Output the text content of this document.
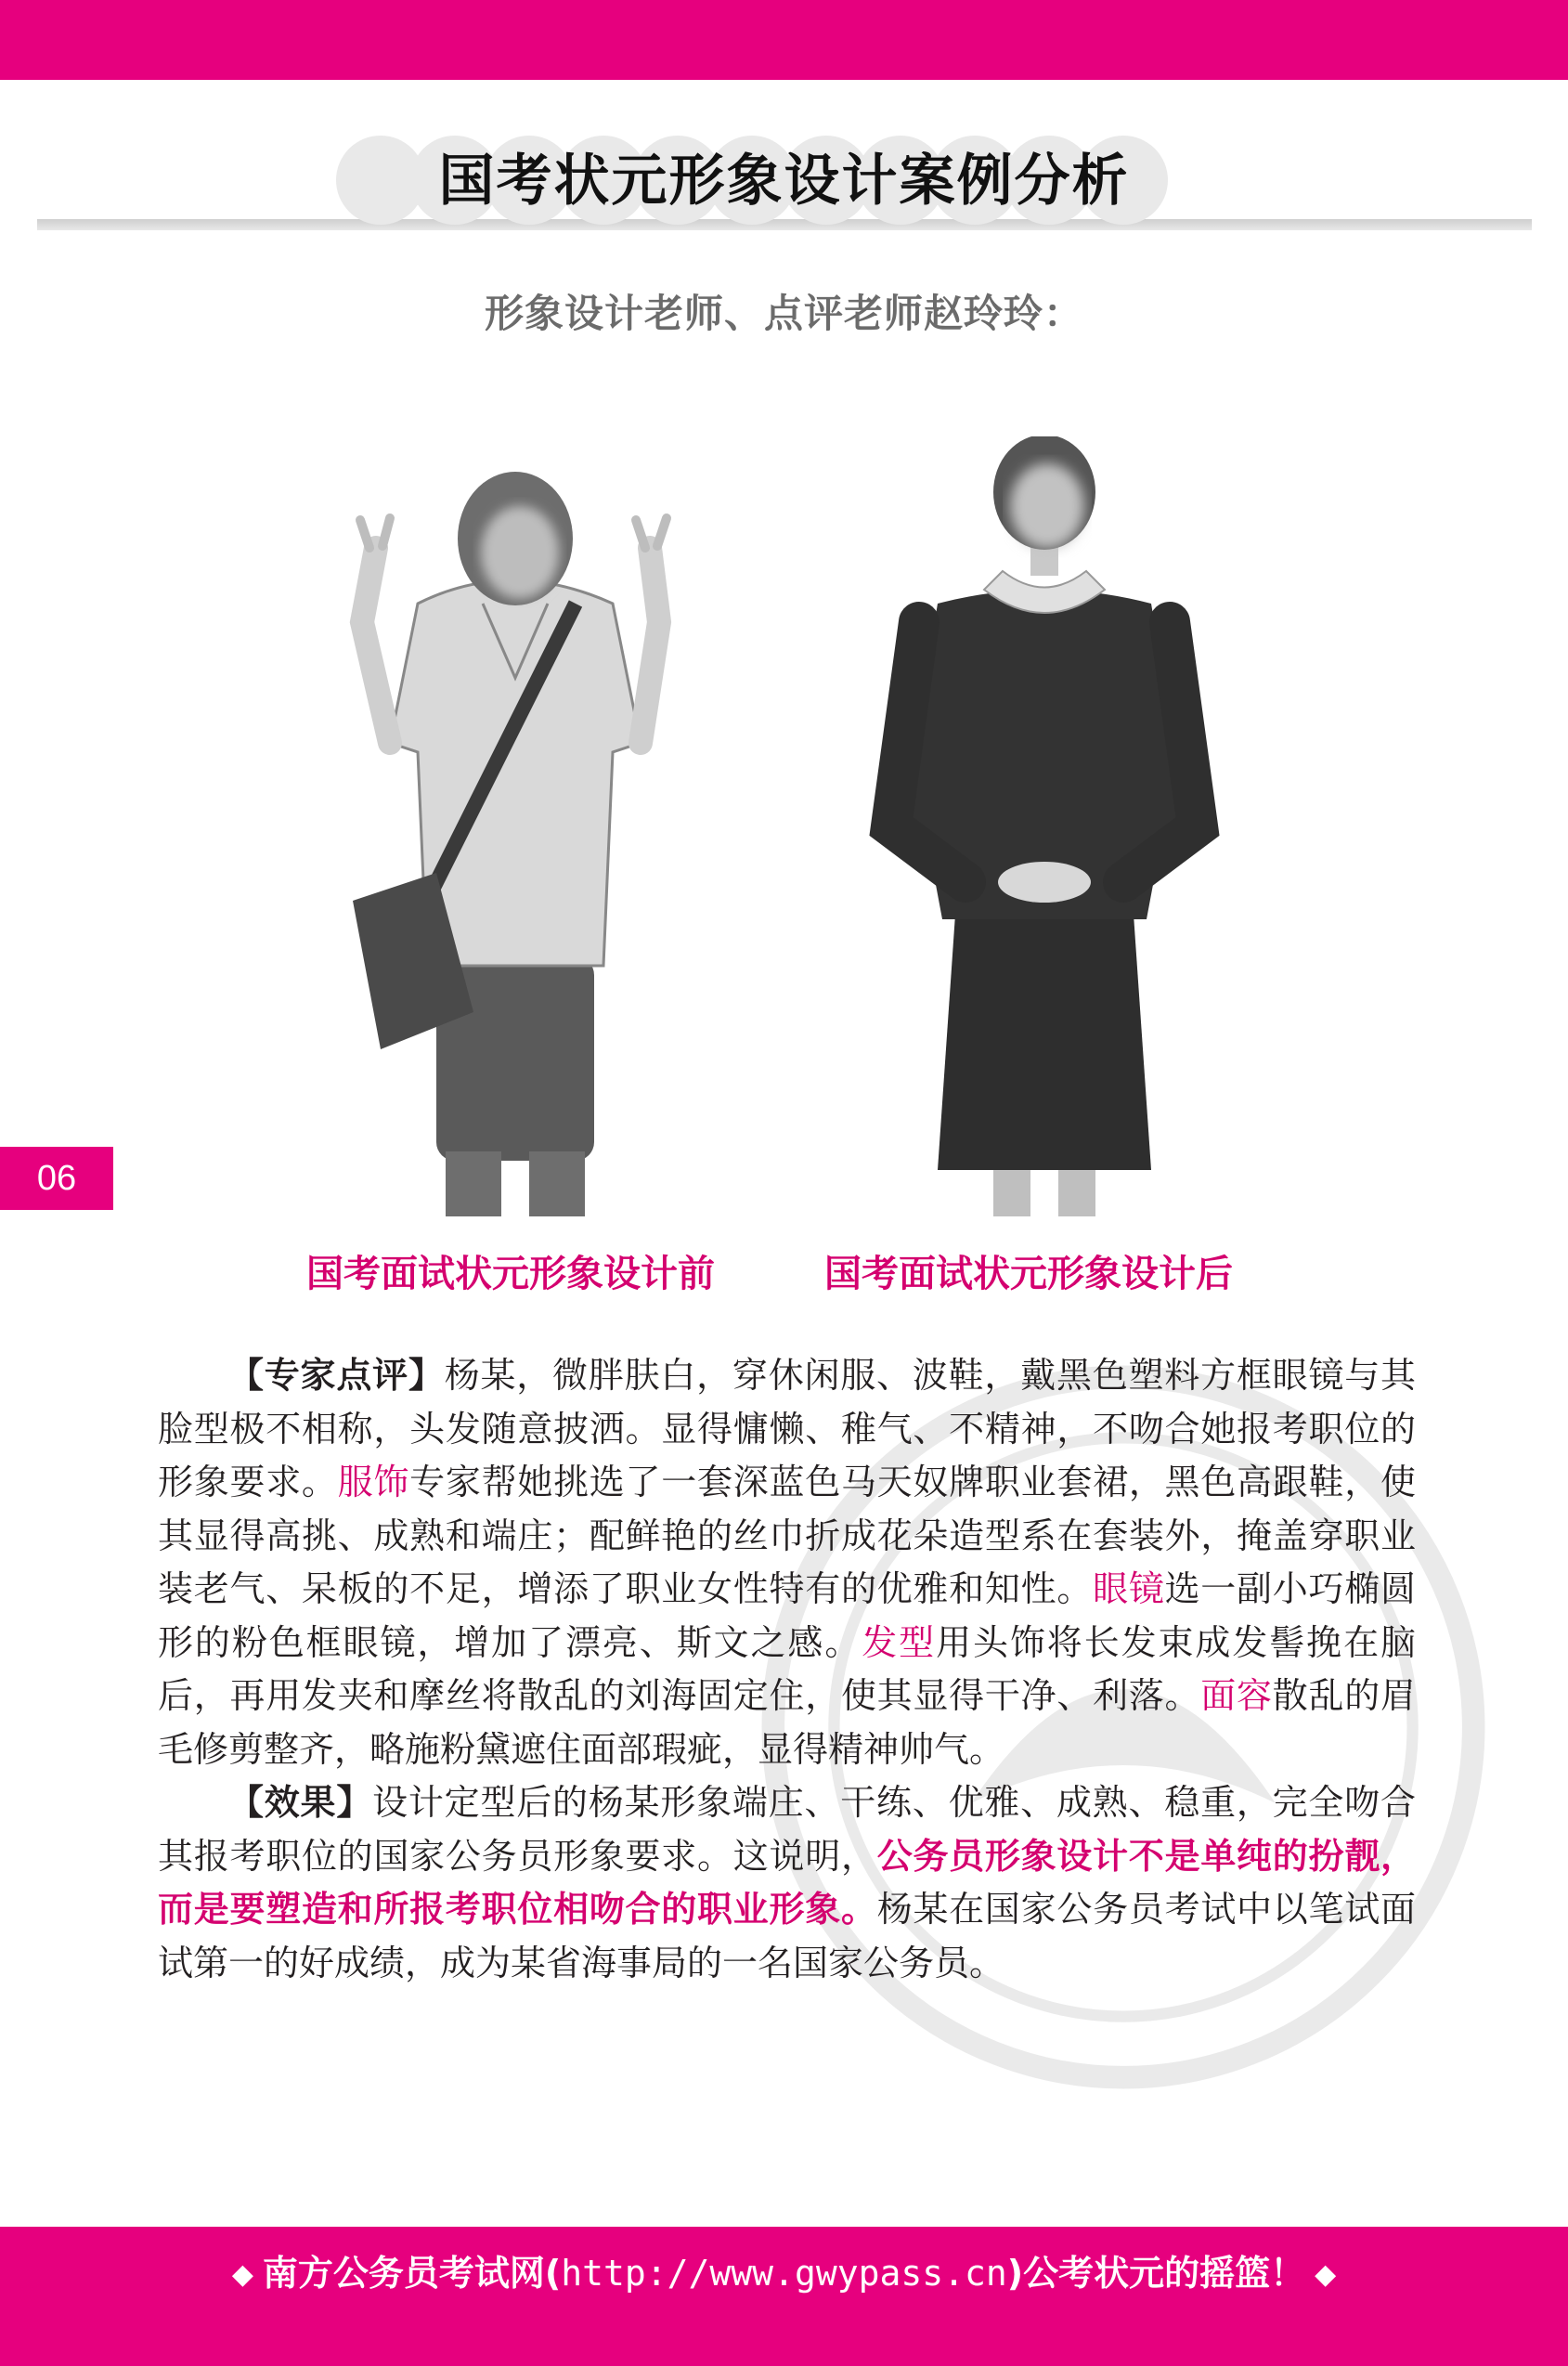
国考状元形象设计案例分析
形象设计老师、点评老师赵玲玲：
06
国考面试状元形象设计前	国考面试状元形象设计后

【专家点评】杨某，微胖肤白，穿休闲服、波鞋，戴黑色塑料方框眼镜与其脸型极不相称，头发随意披洒。显得慵懒、稚气、不精神，不吻合她报考职位的形象要求。服饰专家帮她挑选了一套深蓝色马天奴牌职业套裙，黑色高跟鞋，使其显得高挑、成熟和端庄；配鲜艳的丝巾折成花朵造型系在套装外，掩盖穿职业装老气、呆板的不足，增添了职业女性特有的优雅和知性。眼镜选一副小巧椭圆形的粉色框眼镜，增加了漂亮、斯文之感。发型用头饰将长发束成发髻挽在脑后，再用发夹和摩丝将散乱的刘海固定住，使其显得干净、利落。面容散乱的眉毛修剪整齐，略施粉黛遮住面部瑕疵，显得精神帅气。

【效果】设计定型后的杨某形象端庄、干练、优雅、成熟、稳重，完全吻合其报考职位的国家公务员形象要求。这说明，公务员形象设计不是单纯的扮靓，而是要塑造和所报考职位相吻合的职业形象。杨某在国家公务员考试中以笔试面试第一的好成绩，成为某省海事局的一名国家公务员。

◆ 南方公务员考试网(http://www.gwypass.cn)公考状元的摇篮！ ◆
